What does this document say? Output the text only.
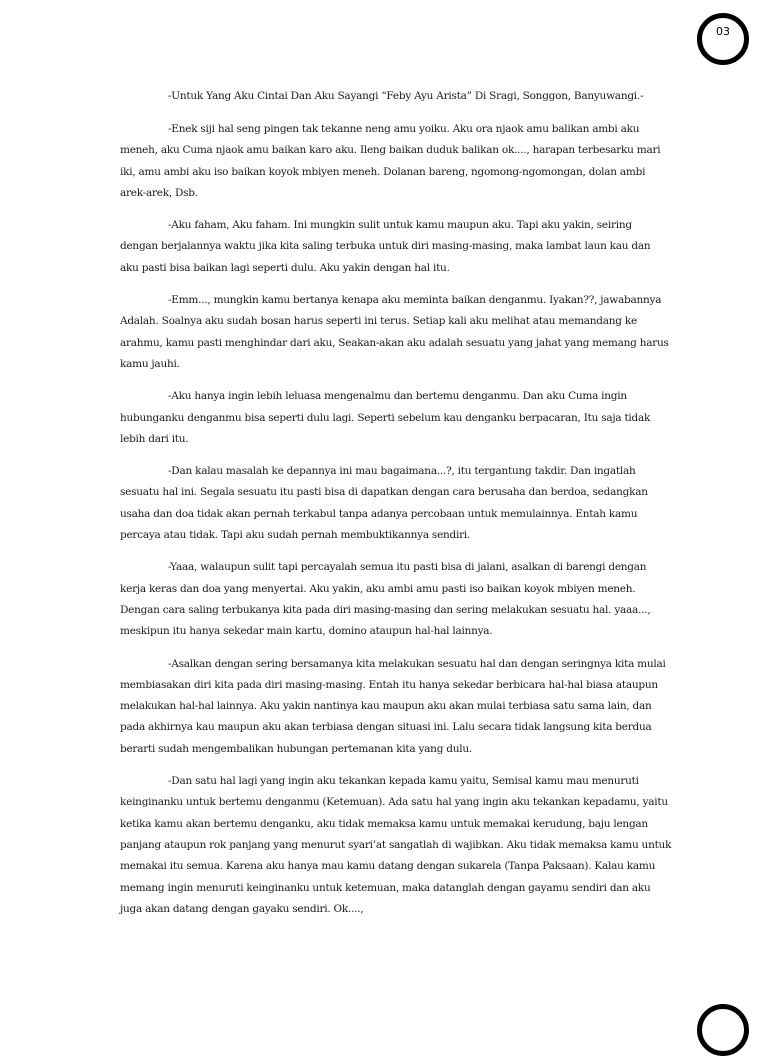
03

-Untuk Yang Aku Cintai Dan Aku Sayangi “Feby Ayu Arista” Di Sragi, Songgon, Banyuwangi.-

-Enek siji hal seng pingen tak tekanne neng amu yoiku. Aku ora njaok amu balikan ambi aku meneh, aku Cuma njaok amu baikan karo aku. Ileng baikan duduk balikan ok...., harapan terbesarku mari iki, amu ambi aku iso baikan koyok mbiyen meneh. Dolanan bareng, ngomong-ngomongan, dolan ambi arek-arek, Dsb.

-Aku faham, Aku faham. Ini mungkin sulit untuk kamu maupun aku. Tapi aku yakin, seiring dengan berjalannya waktu jika kita saling terbuka untuk diri masing-masing, maka lambat laun kau dan aku pasti bisa baikan lagi seperti dulu. Aku yakin dengan hal itu.

-Emm..., mungkin kamu bertanya kenapa aku meminta baikan denganmu. Iyakan??, jawabannya Adalah. Soalnya aku sudah bosan harus seperti ini terus. Setiap kali aku melihat atau memandang ke arahmu, kamu pasti menghindar dari aku, Seakan-akan aku adalah sesuatu yang jahat yang memang harus kamu jauhi.

-Aku hanya ingin lebih leluasa mengenalmu dan bertemu denganmu. Dan aku Cuma ingin hubunganku denganmu bisa seperti dulu lagi. Seperti sebelum kau denganku berpacaran, Itu saja tidak lebih dari itu.

-Dan kalau masalah ke depannya ini mau bagaimana...?, itu tergantung takdir. Dan ingatlah sesuatu hal ini. Segala sesuatu itu pasti bisa di dapatkan dengan cara berusaha dan berdoa, sedangkan usaha dan doa tidak akan pernah terkabul tanpa adanya percobaan untuk memulainnya. Entah kamu percaya atau tidak. Tapi aku sudah pernah membuktikannya sendiri.

-Yaaa, walaupun sulit tapi percayalah semua itu pasti bisa di jalani, asalkan di barengi dengan kerja keras dan doa yang menyertai. Aku yakin, aku ambi amu pasti iso baikan koyok mbiyen meneh. Dengan cara saling terbukanya kita pada diri masing-masing dan sering melakukan sesuatu hal. yaaa..., meskipun itu hanya sekedar main kartu, domino ataupun hal-hal lainnya.

-Asalkan dengan sering bersamanya kita melakukan sesuatu hal dan dengan seringnya kita mulai membiasakan diri kita pada diri masing-masing. Entah itu hanya sekedar berbicara hal-hal biasa ataupun melakukan hal-hal lainnya. Aku yakin nantinya kau maupun aku akan mulai terbiasa satu sama lain, dan pada akhirnya kau maupun aku akan terbiasa dengan situasi ini. Lalu secara tidak langsung kita berdua berarti sudah mengembalikan hubungan pertemanan kita yang dulu.

-Dan satu hal lagi yang ingin aku tekankan kepada kamu yaitu, Semisal kamu mau menuruti keinginanku untuk bertemu denganmu (Ketemuan). Ada satu hal yang ingin aku tekankan kepadamu, yaitu ketika kamu akan bertemu denganku, aku tidak memaksa kamu untuk memakai kerudung, baju lengan panjang ataupun rok panjang yang menurut syari’at sangatlah di wajibkan. Aku tidak memaksa kamu untuk memakai itu semua. Karena aku hanya mau kamu datang dengan sukarela (Tanpa Paksaan). Kalau kamu memang ingin menuruti keinginanku untuk ketemuan, maka datanglah dengan gayamu sendiri dan aku juga akan datang dengan gayaku sendiri. Ok....,
